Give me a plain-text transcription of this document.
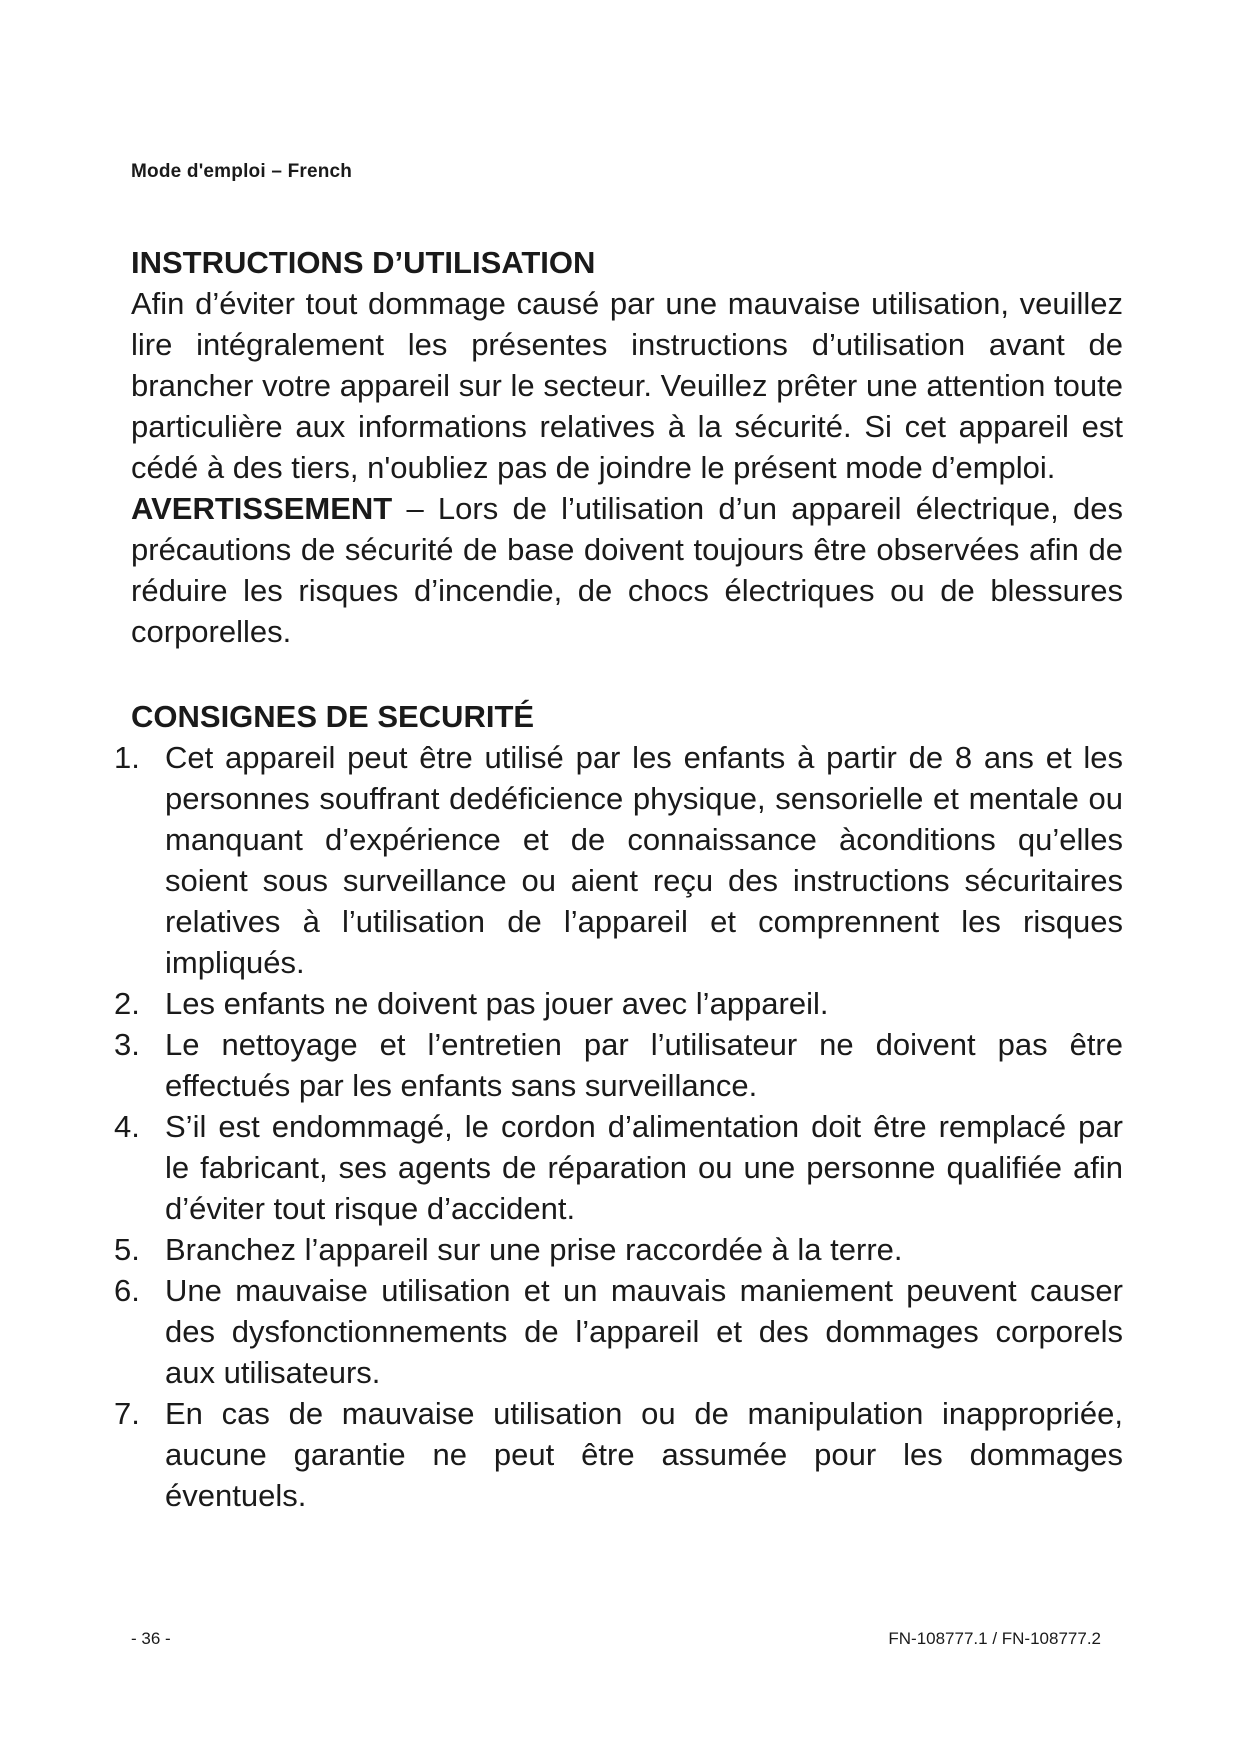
Mode d'emploi – French
INSTRUCTIONS D’UTILISATION

Afin d’éviter tout dommage causé par une mauvaise utilisation, veuillez lire intégralement les présentes instructions d’utilisation avant de brancher votre appareil sur le secteur. Veuillez prêter une attention toute particulière aux informations relatives à la sécurité. Si cet appareil est cédé à des tiers, n'oubliez pas de joindre le présent mode d’emploi.

AVERTISSEMENT – Lors de l’utilisation d’un appareil électrique, des précautions de sécurité de base doivent toujours être observées afin de réduire les risques d’incendie, de chocs électriques ou de blessures corporelles.

CONSIGNES DE SECURITÉ
1. Cet appareil peut être utilisé par les enfants à partir de 8 ans et les personnes souffrant dedéficience physique, sensorielle et mentale ou manquant d’expérience et de connaissance àconditions qu’elles soient sous surveillance ou aient reçu des instructions sécuritaires relatives à l’utilisation de l’appareil et comprennent les risques impliqués.
2. Les enfants ne doivent pas jouer avec l’appareil.
3. Le nettoyage et l’entretien par l’utilisateur ne doivent pas être effectués par les enfants sans surveillance.
4. S’il est endommagé, le cordon d’alimentation doit être remplacé par le fabricant, ses agents de réparation ou une personne qualifiée afin d’éviter tout risque d’accident.
5. Branchez l’appareil sur une prise raccordée à la terre.
6. Une mauvaise utilisation et un mauvais maniement peuvent causer des dysfonctionnements de l’appareil et des dommages corporels aux utilisateurs.
7. En cas de mauvaise utilisation ou de manipulation inappropriée, aucune garantie ne peut être assumée pour les dommages éventuels.
- 36 -	FN-108777.1 / FN-108777.2
